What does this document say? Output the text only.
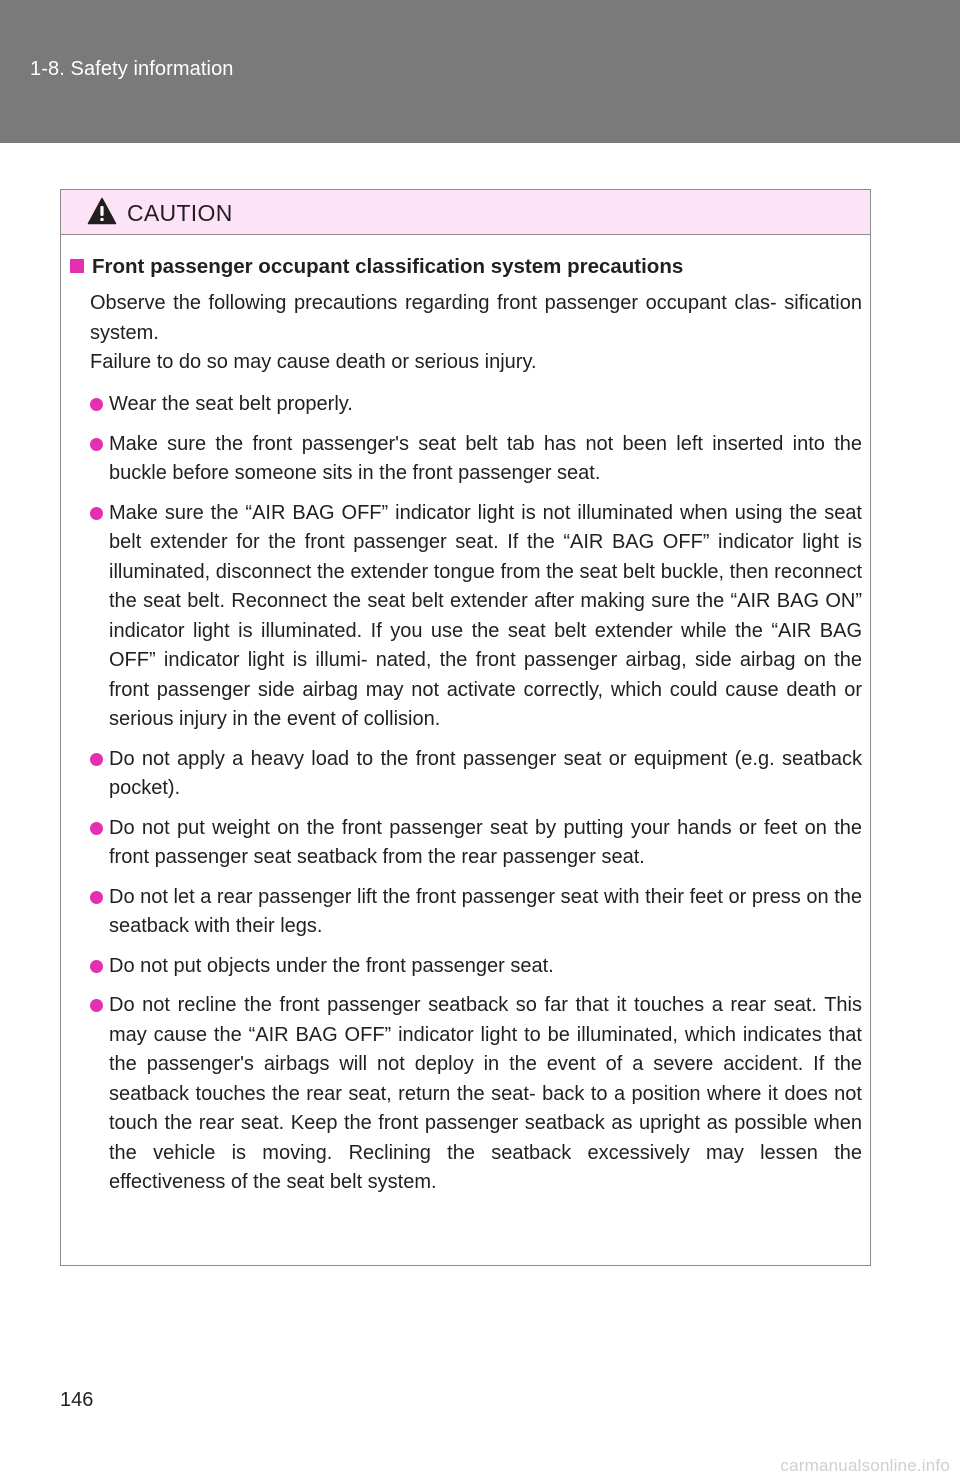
1-8. Safety information
CAUTION
Front passenger occupant classification system precautions

Observe the following precautions regarding front passenger occupant clas- sification system.
Failure to do so may cause death or serious injury.

Wear the seat belt properly.
Make sure the front passenger's seat belt tab has not been left inserted into the buckle before someone sits in the front passenger seat.
Make sure the “AIR BAG OFF” indicator light is not illuminated when using the seat belt extender for the front passenger seat. If the “AIR BAG OFF” indicator light is illuminated, disconnect the extender tongue from the seat belt buckle, then reconnect the seat belt. Reconnect the seat belt extender after making sure the “AIR BAG ON” indicator light is illuminated. If you use the seat belt extender while the “AIR BAG OFF” indicator light is illumi- nated, the front passenger airbag, side airbag on the front passenger side airbag may not activate correctly, which could cause death or serious injury in the event of collision.
Do not apply a heavy load to the front passenger seat or equipment (e.g. seatback pocket).
Do not put weight on the front passenger seat by putting your hands or feet on the front passenger seat seatback from the rear passenger seat.
Do not let a rear passenger lift the front passenger seat with their feet or press on the seatback with their legs.
Do not put objects under the front passenger seat.
Do not recline the front passenger seatback so far that it touches a rear seat. This may cause the “AIR BAG OFF” indicator light to be illuminated, which indicates that the passenger's airbags will not deploy in the event of a severe accident. If the seatback touches the rear seat, return the seat- back to a position where it does not touch the rear seat. Keep the front passenger seatback as upright as possible when the vehicle is moving. Reclining the seatback excessively may lessen the effectiveness of the seat belt system.
146
carmanualsonline.info
